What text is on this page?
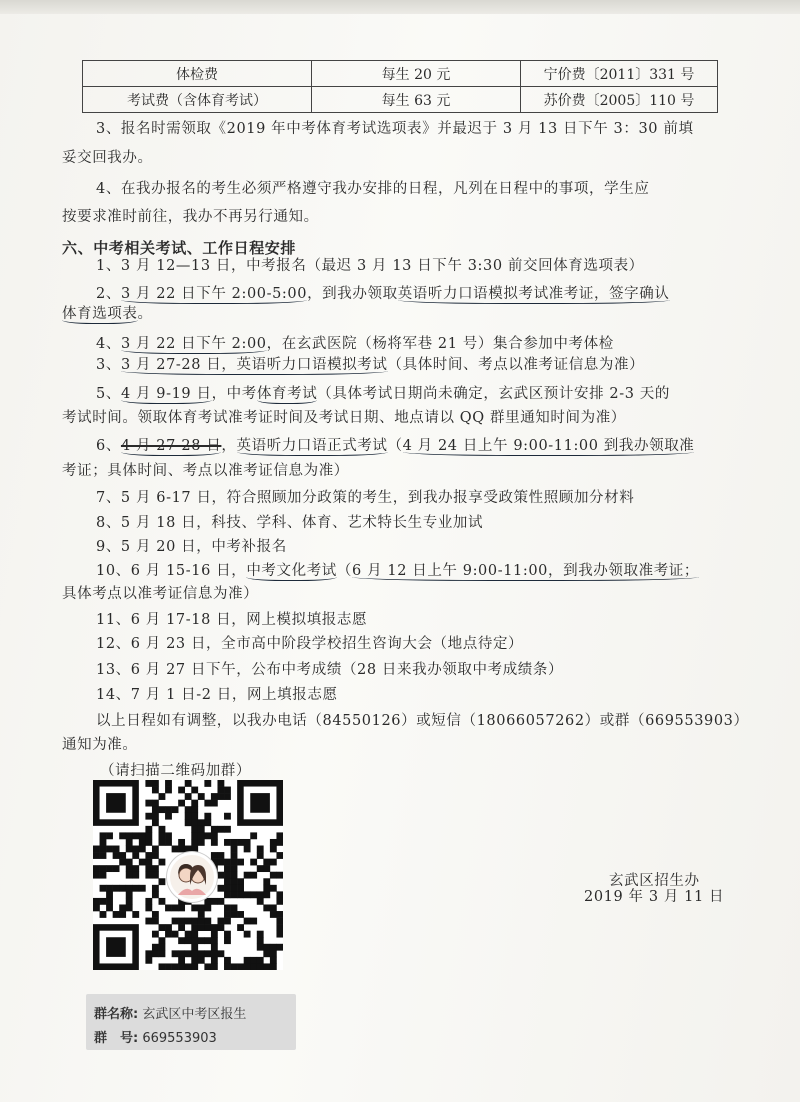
体检费	每生 20 元	宁价费〔2011〕331 号
考试费（含体育考试）	每生 63 元	苏价费〔2005〕110 号
3、报名时需领取《2019 年中考体育考试选项表》并最迟于 3 月 13 日下午 3：30 前填
妥交回我办。
4、在我办报名的考生必须严格遵守我办安排的日程，凡列在日程中的事项，学生应
按要求准时前往，我办不再另行通知。
六、中考相关考试、工作日程安排
1、3 月 12—13 日，中考报名（最迟 3 月 13 日下午 3:30 前交回体育选项表）
2、3 月 22 日下午 2:00-5:00，到我办领取英语听力口语模拟考试准考证，签字确认
体育选项表。
4、3 月 22 日下午 2:00，在玄武医院（杨将军巷 21 号）集合参加中考体检
3、3 月 27-28 日，英语听力口语模拟考试（具体时间、考点以准考证信息为准）
5、4 月 9-19 日，中考体育考试（具体考试日期尚未确定，玄武区预计安排 2-3 天的
考试时间。领取体育考试准考证时间及考试日期、地点请以 QQ 群里通知时间为准）
6、4 月 27-28 日，英语听力口语正式考试（4 月 24 日上午 9:00-11:00 到我办领取准
考证；具体时间、考点以准考证信息为准）
7、5 月 6-17 日，符合照顾加分政策的考生，到我办报享受政策性照顾加分材料
8、5 月 18 日，科技、学科、体育、艺术特长生专业加试
9、5 月 20 日，中考补报名
10、6 月 15-16 日，中考文化考试（6 月 12 日上午 9:00-11:00，到我办领取准考证；
具体考点以准考证信息为准）
11、6 月 17-18 日，网上模拟填报志愿
12、6 月 23 日，全市高中阶段学校招生咨询大会（地点待定）
13、6 月 27 日下午，公布中考成绩（28 日来我办领取中考成绩条）
14、7 月 1 日-2 日，网上填报志愿
以上日程如有调整，以我办电话（84550126）或短信（18066057262）或群（669553903）
通知为准。
（请扫描二维码加群）
玄武区招生办
2019 年 3 月 11 日
群名称: 玄武区中考区报生
群　号: 669553903
